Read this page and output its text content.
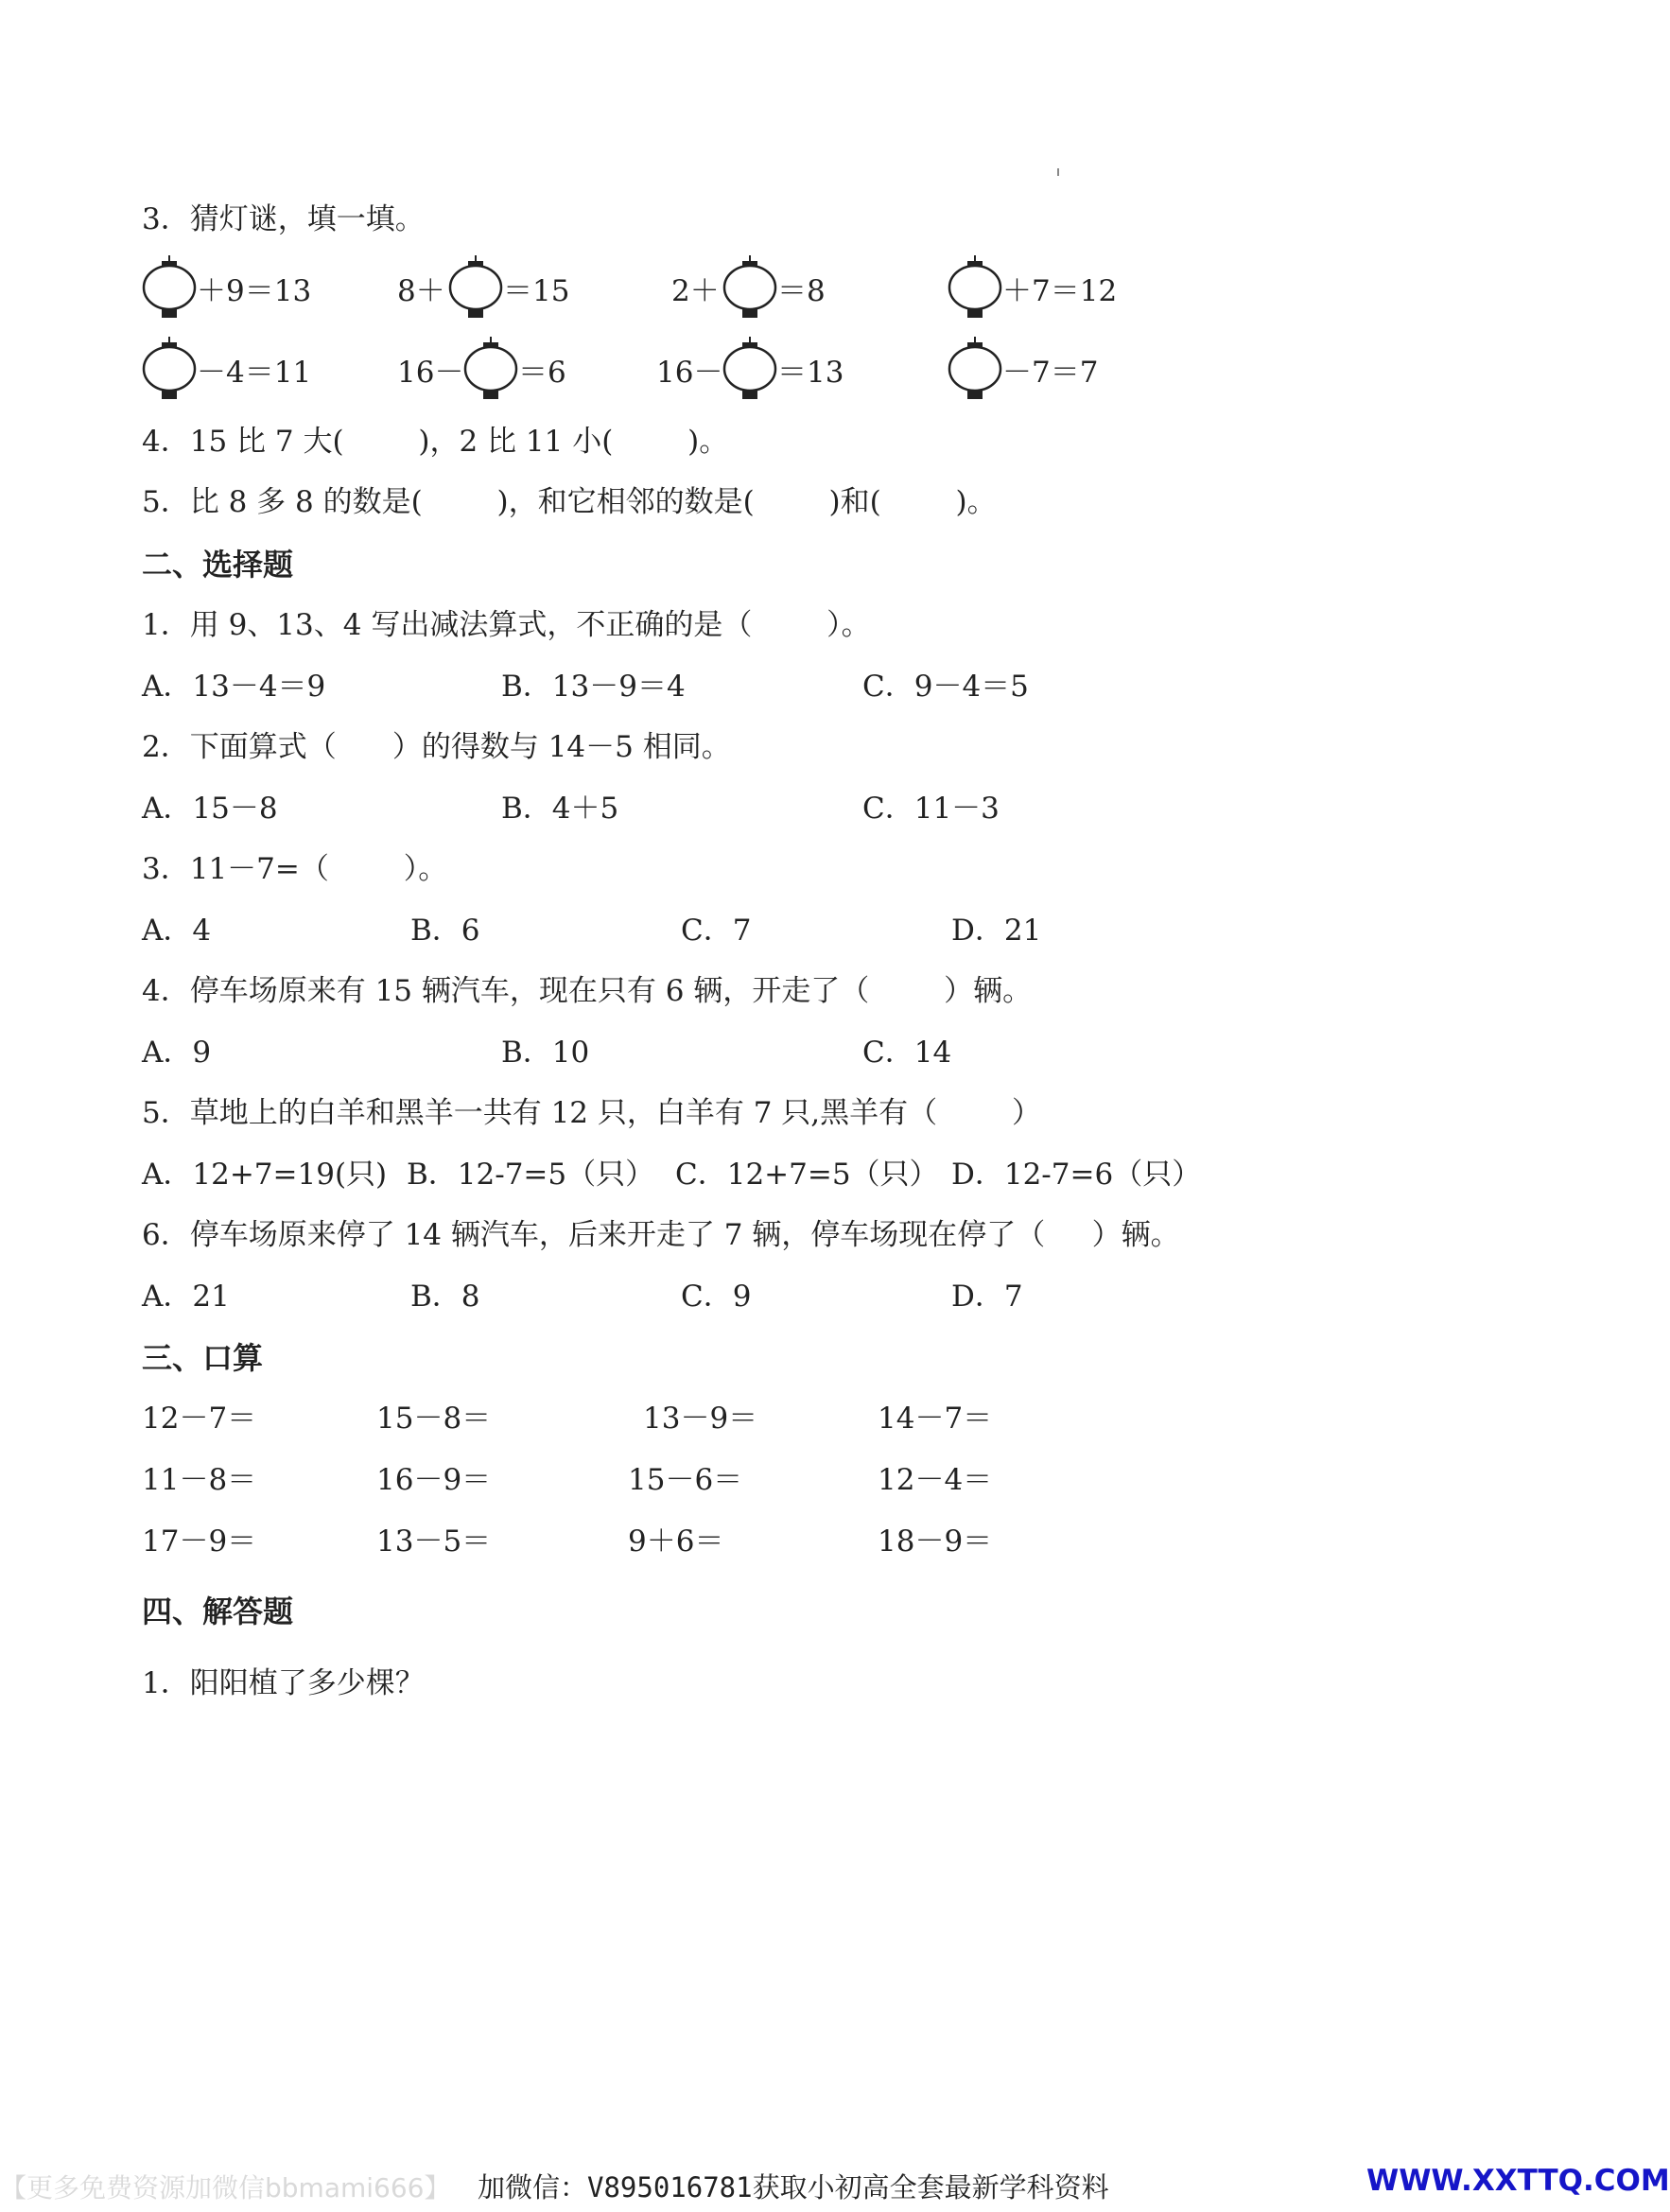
3．猜灯谜，填一填。
＋9＝13	8＋ ＝15	2＋ ＝8	＋7＝12
－4＝11	16－ ＝6	16－ ＝13	－7＝7
4．15 比 7 大(        )，2 比 11 小(        )。
5．比 8 多 8 的数是(        )，和它相邻的数是(        )和(        )。
二、选择题
1．用 9、13、4 写出减法算式，不正确的是（        ）。
A．13－4＝9	B．13－9＝4	C．9－4＝5
2．下面算式（      ）的得数与 14－5 相同。
A．15－8	B．4＋5	C．11－3
3．11－7=（        ）。
A．4	B．6	C．7	D．21
4．停车场原来有 15 辆汽车，现在只有 6 辆，开走了（        ）辆。
A．9	B．10	C．14
5．草地上的白羊和黑羊一共有 12 只，白羊有 7 只,黑羊有（        ）
A．12+7=19(只) B．12-7=5（只） C．12+7=5（只） D．12-7=6（只）
6．停车场原来停了 14 辆汽车，后来开走了 7 辆，停车场现在停了（     ）辆。
A．21	B．8	C．9	D．7
三、口算
12－7＝	15－8＝	13－9＝	14－7＝
11－8＝	16－9＝	15－6＝	12－4＝
17－9＝	13－5＝	9＋6＝	18－9＝
四、解答题
1．阳阳植了多少棵？
【更多免费资源加微信bbmami666】 加微信：V895016781获取小初高全套最新学科资料	WWW.XXTTQ.COM
